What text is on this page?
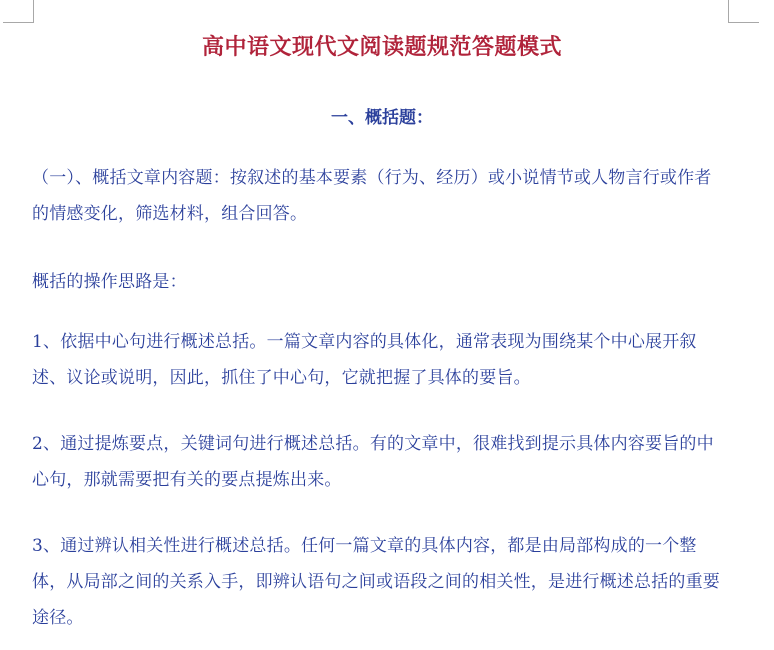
高中语文现代文阅读题规范答题模式
一、概括题：

（一）、概括文章内容题：按叙述的基本要素（行为、经历）或小说情节或人物言行或作者的情感变化，筛选材料，组合回答。

概括的操作思路是：

1、依据中心句进行概述总括。一篇文章内容的具体化，通常表现为围绕某个中心展开叙述、议论或说明，因此，抓住了中心句，它就把握了具体的要旨。

2、通过提炼要点，关键词句进行概述总括。有的文章中，很难找到提示具体内容要旨的中心句，那就需要把有关的要点提炼出来。

3、通过辨认相关性进行概述总括。任何一篇文章的具体内容，都是由局部构成的一个整体，从局部之间的关系入手，即辨认语句之间或语段之间的相关性，是进行概述总括的重要途径。
